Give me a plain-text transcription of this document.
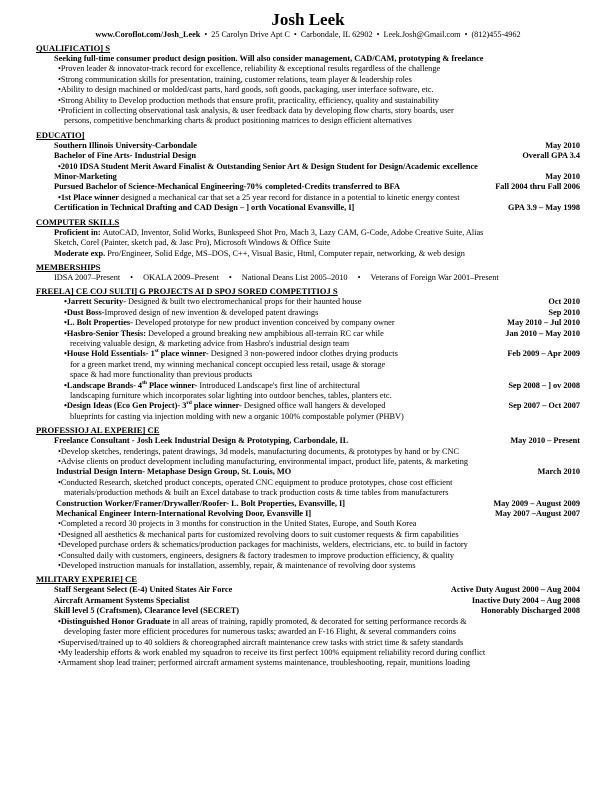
Josh Leek
www.Coroflot.com/Josh_Leek • 25 Carolyn Drive Apt C • Carbondale, IL 62902 • Leek.Josh@Gmail.com • (812)455-4962
QUALIFICATIO] S
Seeking full-time consumer product design position. Will also consider management, CAD/CAM, prototyping & freelance
•Proven leader & innovator-track record for excellence, reliability & exceptional results regardless of the challenge
•Strong communication skills for presentation, training, customer relations, team player & leadership roles
•Ability to design machined or molded/cast parts, hard goods, soft goods, packaging, user interface software, etc.
•Strong Ability to Develop production methods that ensure profit, practicality, efficiency, quality and sustainability
•Proficient in collecting observational task analysis, & user feedback data by developing flow charts, story boards, user
persons, competitive benchmarking charts & product positioning matrices to design efficient alternatives
EDUCATIO]
Southern Illinois University-Carbondale	May 2010
Bachelor of Fine Arts- Industrial Design	Overall GPA 3.4
•2010 IDSA Student Merit Award Finalist & Outstanding Senior Art & Design Student for Design/Academic excellence
Minor-Marketing	May 2010
Pursued Bachelor of Science-Mechanical Engineering-70% completed-Credits transferred to BFA	Fall 2004 thru Fall 2006
•1st Place winner designed a mechanical car that set a 25 year record for distance in a potential to kinetic energy contest
Certification in Technical Drafting and CAD Design – ] orth Vocational Evansville, I]	GPA 3.9 – May 1998
COMPUTER SKILLS
Proficient in: AutoCAD, Inventor, Solid Works, Bunkspeed Shot Pro, Mach 3, Lazy CAM, G-Code, Adobe Creative Suite, Alias
Sketch, Corel (Painter, sketch pad, & Jasc Pro), Microsoft Windows & Office Suite
Moderate exp. Pro/Engineer, Solid Edge, MS–DOS, C++, Visual Basic, Html, Computer repair, networking, & web design
MEMBERSHIPS
IDSA 2007–Present	•	OKALA 2009–Present	•	National Deans List 2005–2010	•	Veterans of Foreign War 2001–Present
FREELA] CE COJ SULTI] G PROJECTS AI D SPOJ SORED COMPETITIOJ S
•Jarrett Security- Designed & built two electromechanical props for their haunted house	Oct 2010
•Dust Boss-Improved design of new invention & developed patent drawings	Sep 2010
•L. Bolt Properties- Developed prototype for new product invention conceived by company owner	May 2010 – Jul 2010
•Hasbro-Senior Thesis: Developed a ground breaking new amphibious all-terrain RC car while	Jan 2010 – May 2010
receiving valuable design, & marketing advice from Hasbro's industrial design team
•House Hold Essentials- 1st place winner- Designed 3 non-powered indoor clothes drying products	Feb 2009 – Apr 2009
for a green market trend, my winning mechanical concept occupied less retail, usage & storage
space & had more functionality than previous products
•Landscape Brands- 4th Place winner- Introduced Landscape's first line of architectural	Sep 2008 – ] ov 2008
landscaping furniture which incorporates solar lighting into outdoor benches, tables, planters etc.
•Design Ideas (Eco Gen Project)- 3rd place winner- Designed office wall hangers & developed	Sep 2007 – Oct 2007
blueprints for casting via injection molding with new a organic 100% compostable polymer (PHBV)
PROFESSIOJ AL EXPERIE] CE
Freelance Consultant - Josh Leek Industrial Design & Prototyping, Carbondale, IL	May 2010 – Present
•Develop sketches, renderings, patent drawings, 3d models, manufacturing documents, & prototypes by hand or by CNC
•Advise clients on product development including manufacturing, environmental impact, product life, patents, & marketing
Industrial Design Intern- Metaphase Design Group, St. Louis, MO	March 2010
•Conducted Research, sketched product concepts, operated CNC equipment to produce prototypes, chose cost efficient
materials/production methods & built an Excel database to track production costs & time tables from manufacturers
Construction Worker/Framer/Drywaller/Roofer- L. Bolt Properties, Evansville, I]	May 2009 – August 2009
Mechanical Engineer Intern-International Revolving Door, Evansville I]	May 2007 –August 2007
•Completed a record 30 projects in 3 months for construction in the United States, Europe, and South Korea
•Designed all aesthetics & mechanical parts for customized revolving doors to suit customer requests & firm capabilities
•Developed purchase orders & schematics/production packages for machinists, welders, electricians, etc. to build in factory
•Consulted daily with customers, engineers, designers & factory tradesmen to improve production efficiency, & quality
•Developed instruction manuals for installation, assembly, repair, & maintenance of revolving door systems
MILITARY EXPERIE] CE
Staff Sergeant Select (E-4) United States Air Force	Active Duty August 2000 – Aug 2004
Aircraft Armament Systems Specialist	Inactive Duty 2004 – Aug 2008
Skill level 5 (Craftsmen), Clearance level (SECRET)	Honorably Discharged 2008
•Distinguished Honor Graduate in all areas of training, rapidly promoted, & decorated for setting performance records &
developing faster more efficient procedures for numerous tasks; awarded an F-16 Flight, & several commanders coins
•Supervised/trained up to 40 soldiers & choreographed aircraft maintenance crew tasks with strict time & safety standards
•My leadership efforts & work enabled my squadron to receive its first perfect 100% equipment reliability record during conflict
•Armament shop lead trainer; performed aircraft armament systems maintenance, troubleshooting, repair, munitions loading
